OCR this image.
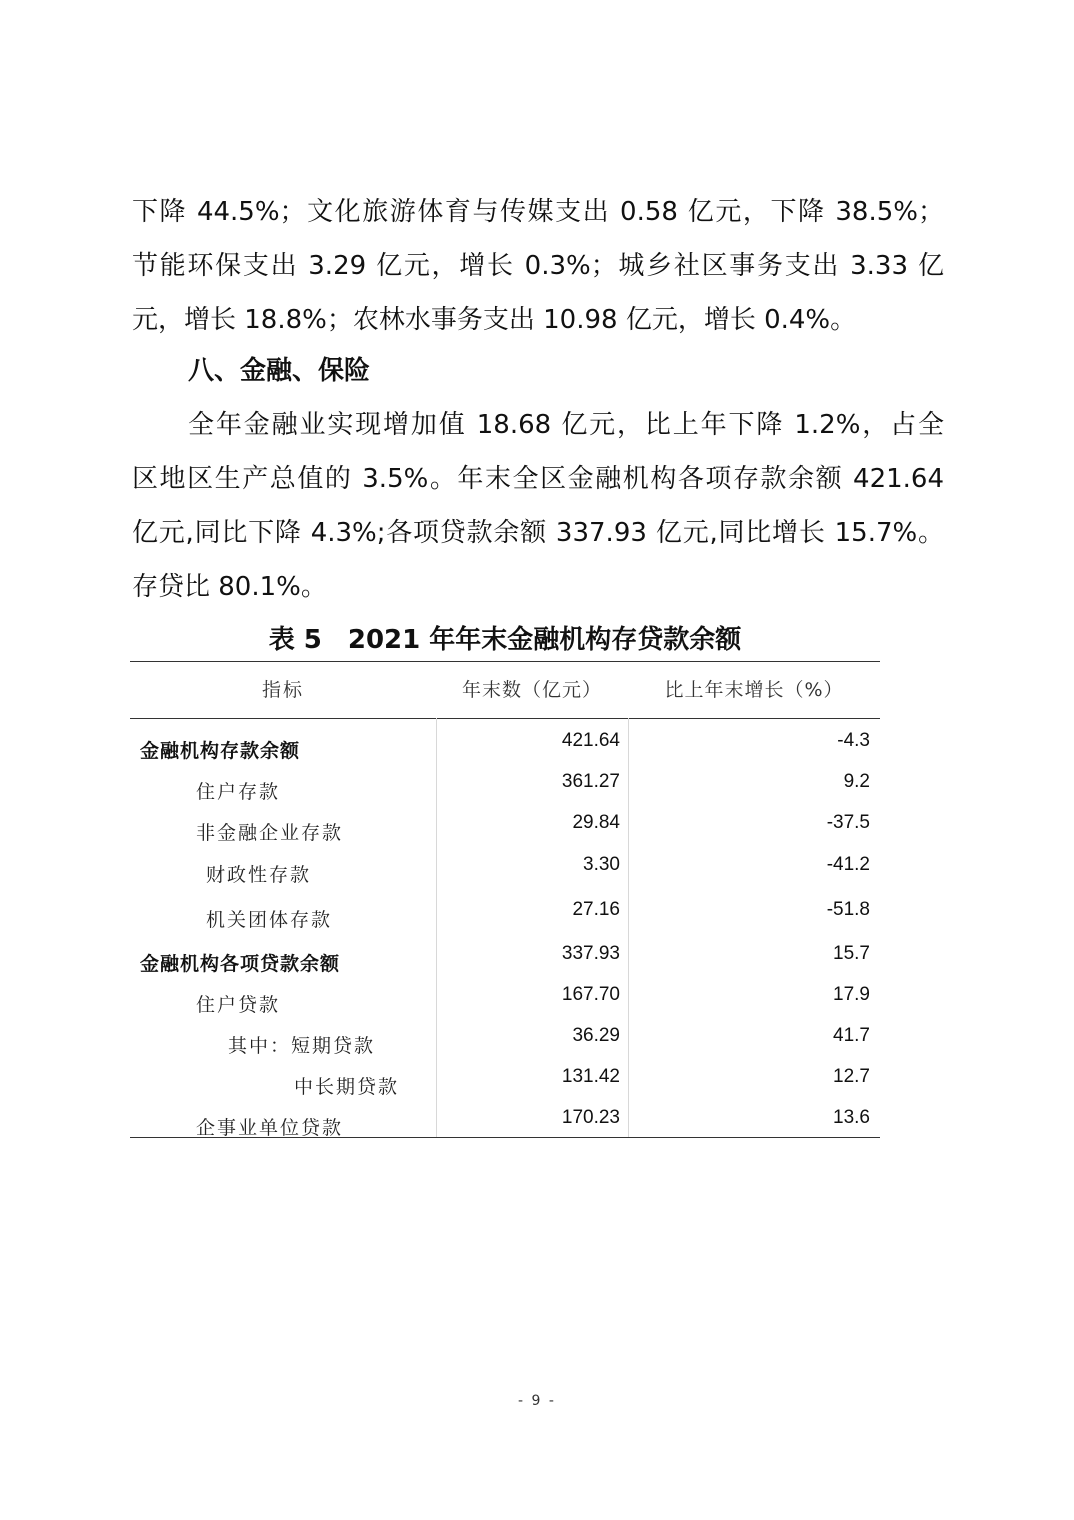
下降 44.5%；文化旅游体育与传媒支出 0.58 亿元，下降 38.5%；
节能环保支出 3.29 亿元，增长 0.3%；城乡社区事务支出 3.33 亿
元，增长 18.8%；农林水事务支出 10.98 亿元，增长 0.4%。
八、金融、保险
全年金融业实现增加值 18.68 亿元，比上年下降 1.2%，占全
区地区生产总值的 3.5%。年末全区金融机构各项存款余额 421.64
亿元,同比下降 4.3%;各项贷款余额 337.93 亿元,同比增长 15.7%。
存贷比 80.1%。
表 5　2021 年年末金融机构存贷款余额
指标	年末数（亿元）	比上年末增长（%）
金融机构存款余额	421.64	-4.3
住户存款	361.27	9.2
非金融企业存款	29.84	-37.5
财政性存款	3.30	-41.2
机关团体存款	27.16	-51.8
金融机构各项贷款余额	337.93	15.7
住户贷款	167.70	17.9
其中：短期贷款	36.29	41.7
中长期贷款	131.42	12.7
企事业单位贷款	170.23	13.6
- 9 -
